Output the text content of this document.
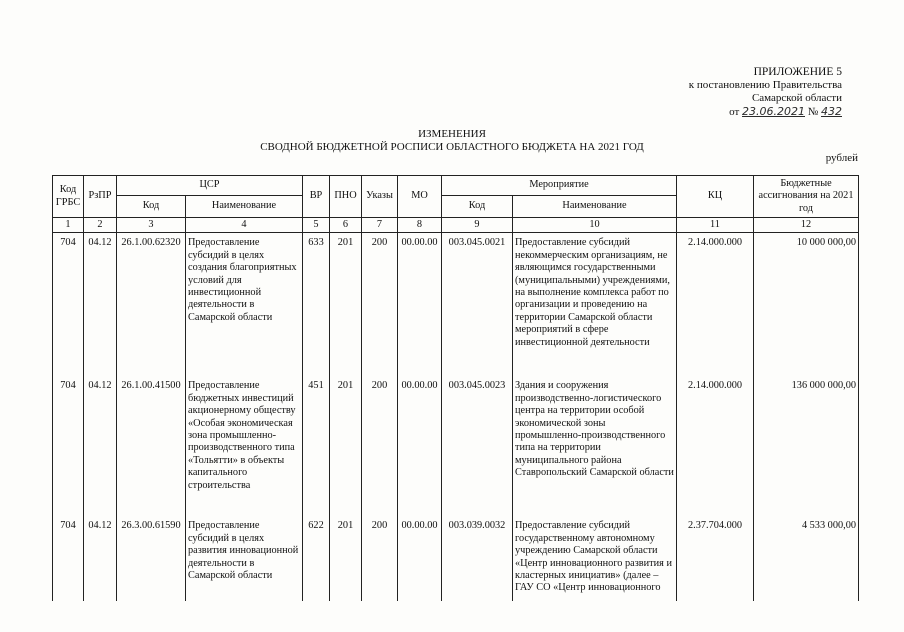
ПРИЛОЖЕНИЕ 5
к постановлению Правительства
Самарской области
от 23.06.2021 № 432
ИЗМЕНЕНИЯ
СВОДНОЙ БЮДЖЕТНОЙ РОСПИСИ ОБЛАСТНОГО БЮДЖЕТА НА 2021 ГОД
рублей
Код ГРБС	РзПР	ЦСР		ВР	ПНО	Указы	МО	Мероприятие		КЦ	Бюджетные ассигнования на 2021 год
		Код	Наименование					Код	Наименование		
1	2	3	4	5	6	7	8	9	10	11	12
704	04.12	26.1.00.62320	Предоставление субсидий в целях создания благоприятных условий для инвестиционной деятельности в Самарской области	633	201	200	00.00.00	003.045.0021	Предоставление субсидий некоммерческим организациям, не являющимся государственными (муниципальными) учреждениями, на выполнение комплекса работ по организации и проведению на территории Самарской области мероприятий в сфере инвестиционной деятельности	2.14.000.000	10 000 000,00
704	04.12	26.1.00.41500	Предоставление бюджетных инвестиций акционерному обществу «Особая экономическая зона промышленно-производственного типа «Тольятти» в объекты капитального строительства	451	201	200	00.00.00	003.045.0023	Здания и сооружения производственно-логистического центра на территории особой экономической зоны промышленно-производственного типа на территории муниципального района Ставропольский Самарской области	2.14.000.000	136 000 000,00
704	04.12	26.3.00.61590	Предоставление субсидий в целях развития инновационной деятельности в Самарской области	622	201	200	00.00.00	003.039.0032	Предоставление субсидий государственному автономному учреждению Самарской области «Центр инновационного развития и кластерных инициатив» (далее – ГАУ СО «Центр инновационного	2.37.704.000	4 533 000,00
